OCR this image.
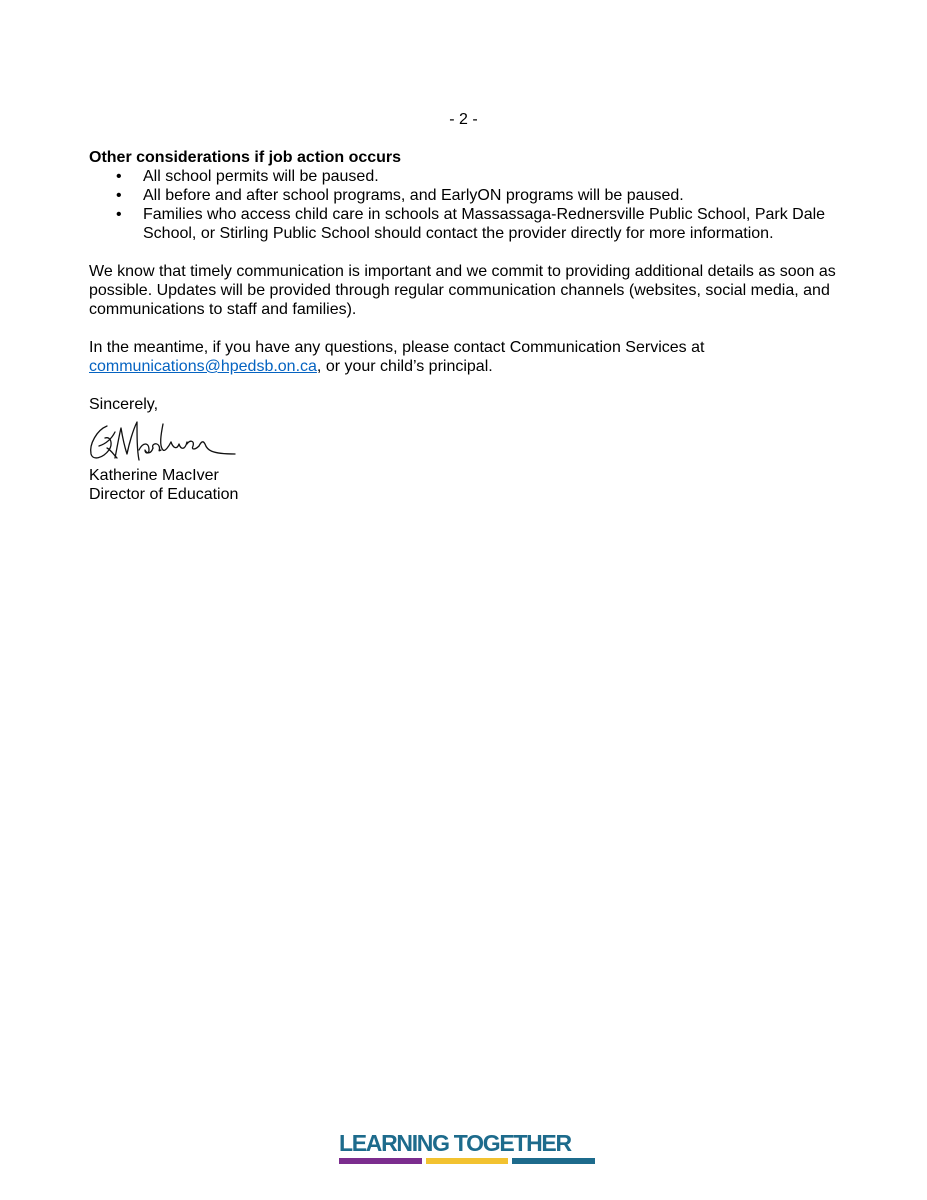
- 2 -

Other considerations if job action occurs

• All school permits will be paused.
• All before and after school programs, and EarlyON programs will be paused.
• Families who access child care in schools at Massassaga-Rednersville Public School, Park Dale School, or Stirling Public School should contact the provider directly for more information.

We know that timely communication is important and we commit to providing additional details as soon as possible. Updates will be provided through regular communication channels (websites, social media, and communications to staff and families).

In the meantime, if you have any questions, please contact Communication Services at
communications@hpedsb.on.ca, or your child’s principal.

Sincerely,

Katherine MacIver

Director of Education

LEARNING TOGETHER
